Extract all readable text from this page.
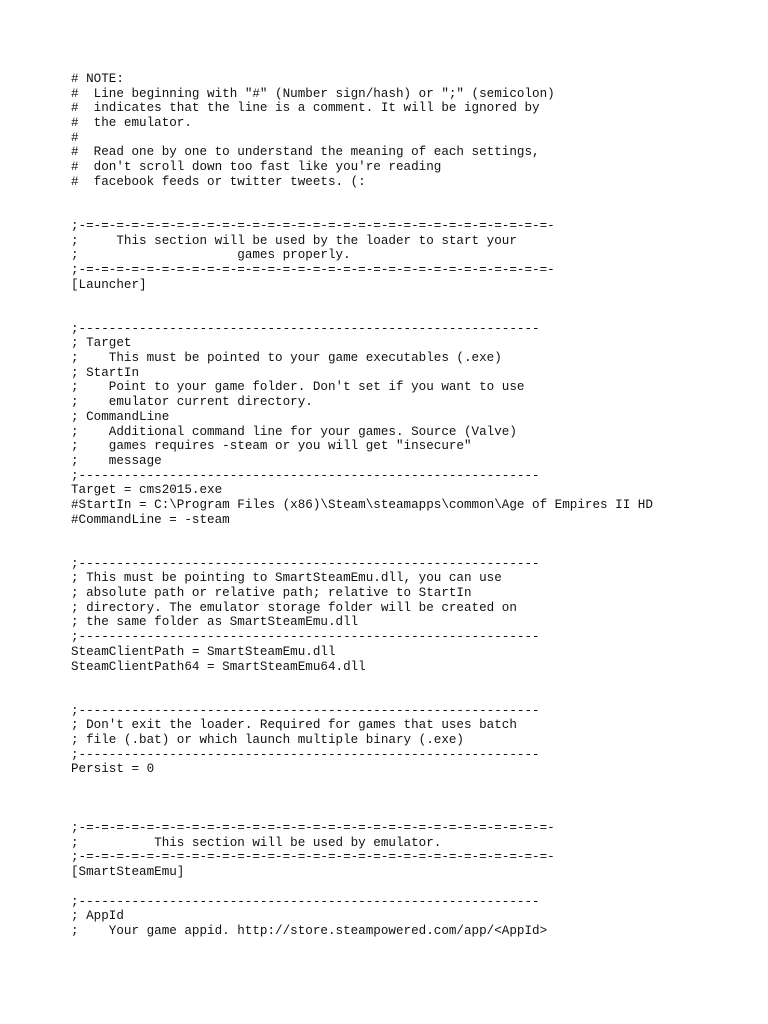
# NOTE:
#  Line beginning with "#" (Number sign/hash) or ";" (semicolon)
#  indicates that the line is a comment. It will be ignored by
#  the emulator.
#
#  Read one by one to understand the meaning of each settings,
#  don't scroll down too fast like you're reading
#  facebook feeds or twitter tweets. (:
;-=-=-=-=-=-=-=-=-=-=-=-=-=-=-=-=-=-=-=-=-=-=-=-=-=-=-=-=-=-=-=-
;     This section will be used by the loader to start your
;                     games properly.
;-=-=-=-=-=-=-=-=-=-=-=-=-=-=-=-=-=-=-=-=-=-=-=-=-=-=-=-=-=-=-=-
[Launcher]
;-------------------------------------------------------------
; Target
;    This must be pointed to your game executables (.exe)
; StartIn
;    Point to your game folder. Don't set if you want to use
;    emulator current directory.
; CommandLine
;    Additional command line for your games. Source (Valve)
;    games requires -steam or you will get "insecure"
;    message
;-------------------------------------------------------------
Target = cms2015.exe
#StartIn = C:\Program Files (x86)\Steam\steamapps\common\Age of Empires II HD
#CommandLine = -steam
;-------------------------------------------------------------
; This must be pointing to SmartSteamEmu.dll, you can use
; absolute path or relative path; relative to StartIn
; directory. The emulator storage folder will be created on
; the same folder as SmartSteamEmu.dll
;-------------------------------------------------------------
SteamClientPath = SmartSteamEmu.dll
SteamClientPath64 = SmartSteamEmu64.dll
;-------------------------------------------------------------
; Don't exit the loader. Required for games that uses batch
; file (.bat) or which launch multiple binary (.exe)
;-------------------------------------------------------------
Persist = 0
;-=-=-=-=-=-=-=-=-=-=-=-=-=-=-=-=-=-=-=-=-=-=-=-=-=-=-=-=-=-=-=-
;          This section will be used by emulator.
;-=-=-=-=-=-=-=-=-=-=-=-=-=-=-=-=-=-=-=-=-=-=-=-=-=-=-=-=-=-=-=-
[SmartSteamEmu]
;-------------------------------------------------------------
; AppId
;    Your game appid. http://store.steampowered.com/app/<AppId>
